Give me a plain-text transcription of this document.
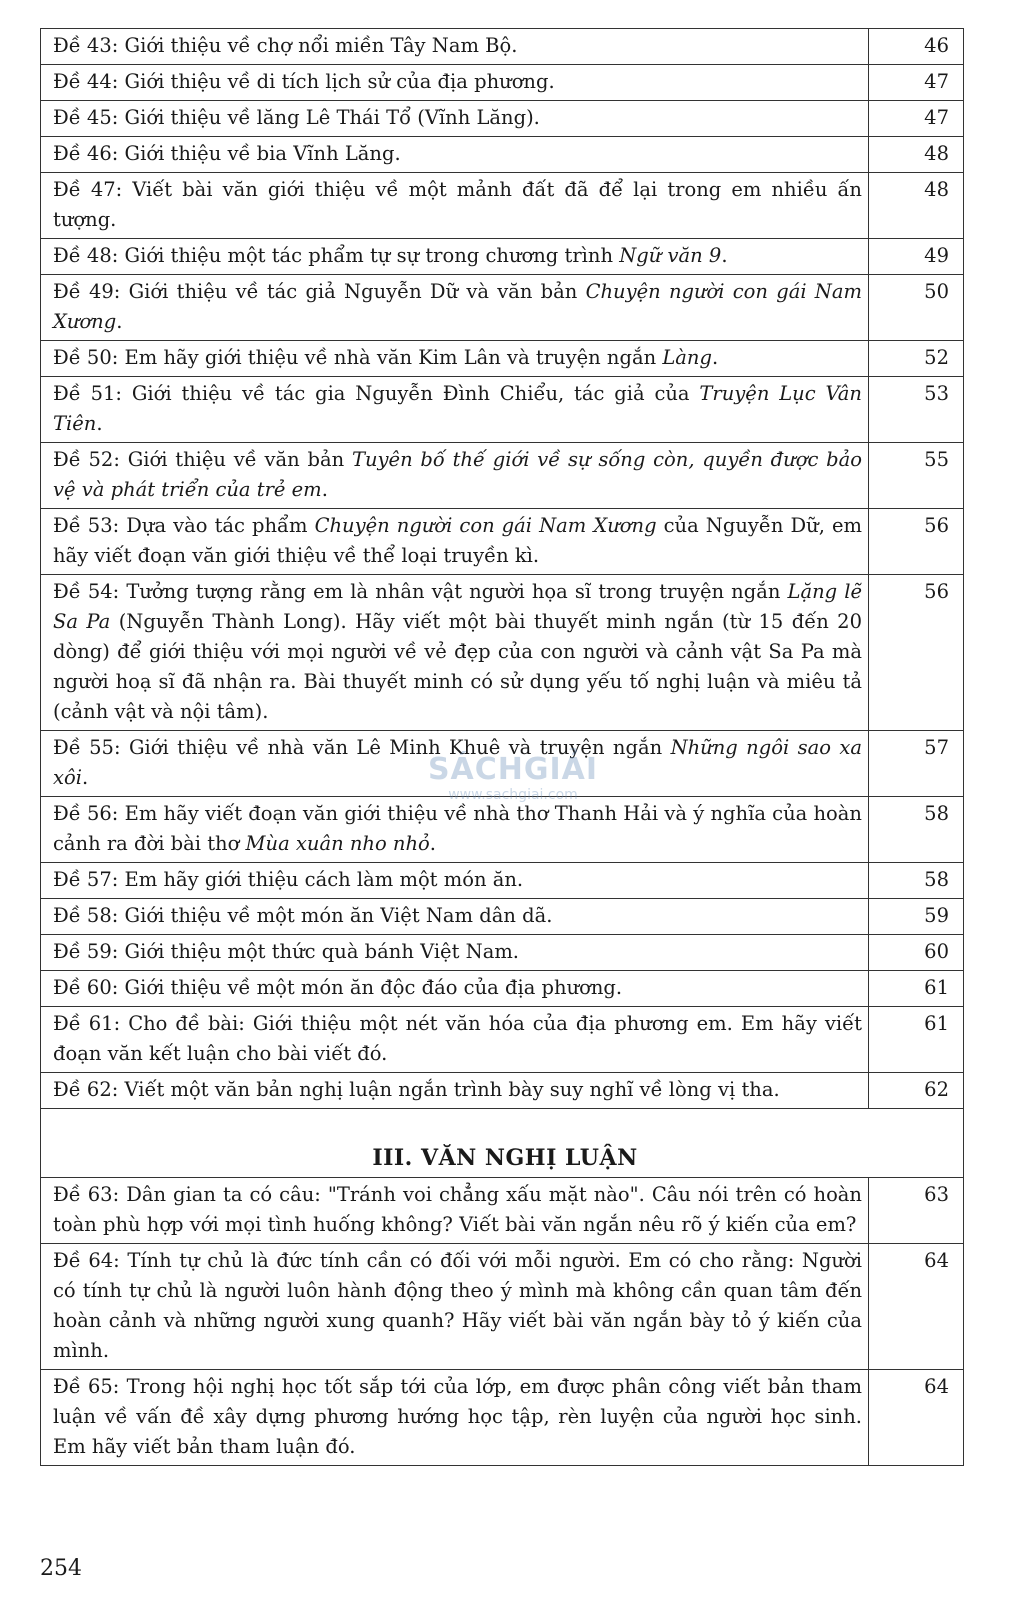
Đề 43: Giới thiệu về chợ nổi miền Tây Nam Bộ.	46
Đề 44: Giới thiệu về di tích lịch sử của địa phương.	47
Đề 45: Giới thiệu về lăng Lê Thái Tổ (Vĩnh Lăng).	47
Đề 46: Giới thiệu về bia Vĩnh Lăng.	48
Đề 47: Viết bài văn giới thiệu về một mảnh đất đã để lại trong em nhiều ấn tượng.	48
Đề 48: Giới thiệu một tác phẩm tự sự trong chương trình Ngữ văn 9.	49
Đề 49: Giới thiệu về tác giả Nguyễn Dữ và văn bản Chuyện người con gái Nam Xương.	50
Đề 50: Em hãy giới thiệu về nhà văn Kim Lân và truyện ngắn Làng.	52
Đề 51: Giới thiệu về tác gia Nguyễn Đình Chiểu, tác giả của Truyện Lục Vân Tiên.	53
Đề 52: Giới thiệu về văn bản Tuyên bố thế giới về sự sống còn, quyền được bảo vệ và phát triển của trẻ em.	55
Đề 53: Dựa vào tác phẩm Chuyện người con gái Nam Xương của Nguyễn Dữ, em hãy viết đoạn văn giới thiệu về thể loại truyền kì.	56
Đề 54: Tưởng tượng rằng em là nhân vật người họa sĩ trong truyện ngắn Lặng lẽ Sa Pa (Nguyễn Thành Long). Hãy viết một bài thuyết minh ngắn (từ 15 đến 20 dòng) để giới thiệu với mọi người về vẻ đẹp của con người và cảnh vật Sa Pa mà người hoạ sĩ đã nhận ra. Bài thuyết minh có sử dụng yếu tố nghị luận và miêu tả (cảnh vật và nội tâm).	56
Đề 55: Giới thiệu về nhà văn Lê Minh Khuê và truyện ngắn Những ngôi sao xa xôi.	57
Đề 56: Em hãy viết đoạn văn giới thiệu về nhà thơ Thanh Hải và ý nghĩa của hoàn cảnh ra đời bài thơ Mùa xuân nho nhỏ.	58
Đề 57: Em hãy giới thiệu cách làm một món ăn.	58
Đề 58: Giới thiệu về một món ăn Việt Nam dân dã.	59
Đề 59: Giới thiệu một thức quà bánh Việt Nam.	60
Đề 60: Giới thiệu về một món ăn độc đáo của địa phương.	61
Đề 61: Cho đề bài: Giới thiệu một nét văn hóa của địa phương em. Em hãy viết đoạn văn kết luận cho bài viết đó.	61
Đề 62: Viết một văn bản nghị luận ngắn trình bày suy nghĩ về lòng vị tha.	62
III. VĂN NGHỊ LUẬN	
Đề 63: Dân gian ta có câu: "Tránh voi chẳng xấu mặt nào". Câu nói trên có hoàn toàn phù hợp với mọi tình huống không? Viết bài văn ngắn nêu rõ ý kiến của em?	63
Đề 64: Tính tự chủ là đức tính cần có đối với mỗi người. Em có cho rằng: Người có tính tự chủ là người luôn hành động theo ý mình mà không cần quan tâm đến hoàn cảnh và những người xung quanh? Hãy viết bài văn ngắn bày tỏ ý kiến của mình.	64
Đề 65: Trong hội nghị học tốt sắp tới của lớp, em được phân công viết bản tham luận về vấn đề xây dựng phương hướng học tập, rèn luyện của người học sinh. Em hãy viết bản tham luận đó.	64
SÁCHGIẢI
www.sachgiai.com
254
